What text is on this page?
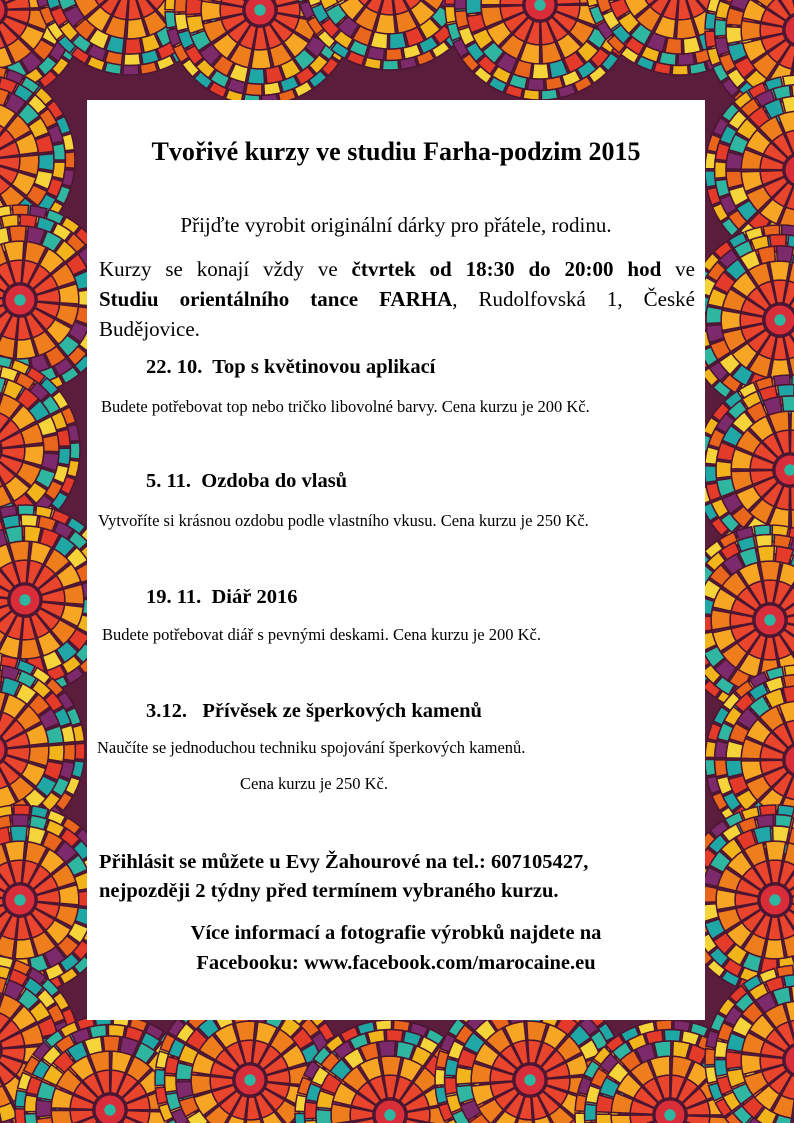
Tvořivé kurzy ve studiu Farha-podzim 2015
Přijďte vyrobit originální dárky pro přátele, rodinu.
Kurzy se konají vždy ve čtvrtek od 18:30 do 20:00 hod ve
Studiu orientálního tance FARHA, Rudolfovská 1, České
Budějovice.
22. 10. Top s květinovou aplikací
Budete potřebovat top nebo tričko libovolné barvy. Cena kurzu je 200 Kč.
5. 11. Ozdoba do vlasů
Vytvoříte si krásnou ozdobu podle vlastního vkusu. Cena kurzu je 250 Kč.
19. 11. Diář 2016
Budete potřebovat diář s pevnými deskami. Cena kurzu je 200 Kč.
3.12. Přívěsek ze šperkových kamenů
Naučíte se jednoduchou techniku spojování šperkových kamenů.
Cena kurzu je 250 Kč.
Přihlásit se můžete u Evy Žahourové na tel.: 607105427,
nejpozději 2 týdny před termínem vybraného kurzu.
Více informací a fotografie výrobků najdete na
Facebooku: www.facebook.com/marocaine.eu
